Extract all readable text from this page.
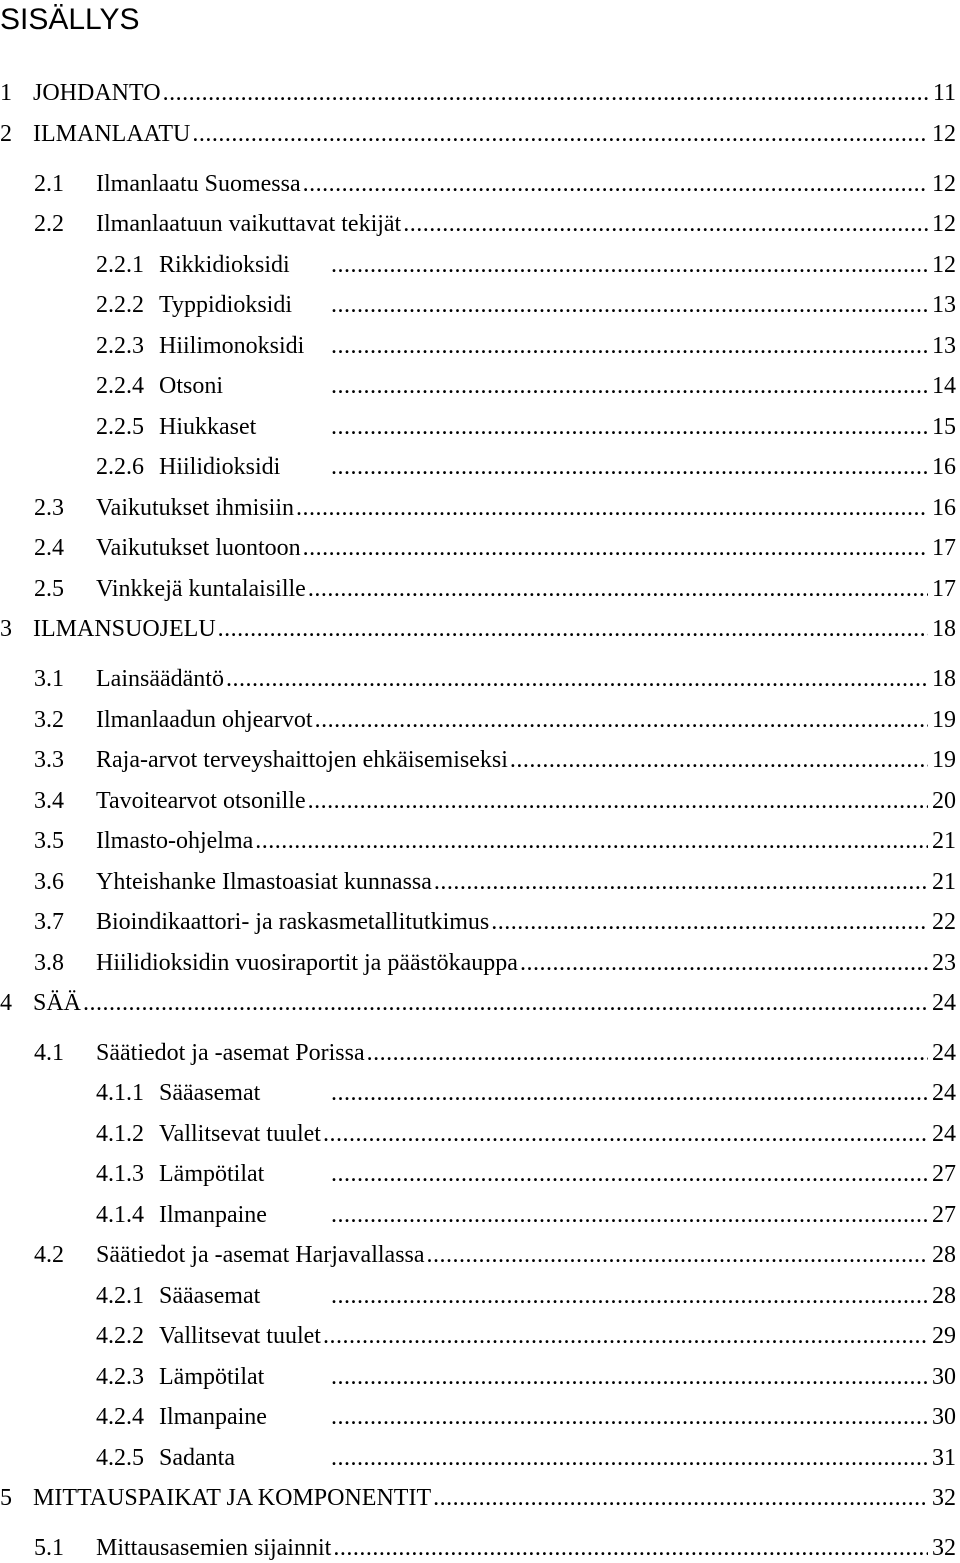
SISÄLLYS
1 JOHDANTO .....	11
2 ILMANLAATU .....	12
2.1	Ilmanlaatu Suomessa .....	12
2.2	Ilmanlaatuun vaikuttavat tekijät .....	12
2.2.1 Rikkidioksidi .....	12
2.2.2 Typpidioksidi .....	13
2.2.3 Hiilimonoksidi .....	13
2.2.4 Otsoni .....	14
2.2.5 Hiukkaset .....	15
2.2.6 Hiilidioksidi .....	16
2.3	Vaikutukset ihmisiin .....	16
2.4	Vaikutukset luontoon .....	17
2.5	Vinkkejä kuntalaisille .....	17
3 ILMANSUOJELU .....	18
3.1	Lainsäädäntö .....	18
3.2	Ilmanlaadun ohjearvot .....	19
3.3	Raja-arvot terveyshaittojen ehkäisemiseksi .....	19
3.4	Tavoitearvot otsonille .....	20
3.5	Ilmasto-ohjelma .....	21
3.6	Yhteishanke Ilmastoasiat kunnassa .....	21
3.7	Bioindikaattori- ja raskasmetallitutkimus .....	22
3.8	Hiilidioksidin vuosiraportit ja päästökauppa .....	23
4 SÄÄ .....	24
4.1	Säätiedot ja -asemat Porissa .....	24
4.1.1 Sääasemat .....	24
4.1.2 Vallitsevat tuulet .....	24
4.1.3 Lämpötilat .....	27
4.1.4 Ilmanpaine .....	27
4.2	Säätiedot ja -asemat Harjavallassa .....	28
4.2.1 Sääasemat .....	28
4.2.2 Vallitsevat tuulet .....	29
4.2.3 Lämpötilat .....	30
4.2.4 Ilmanpaine .....	30
4.2.5 Sadanta .....	31
5 MITTAUSPAIKAT JA KOMPONENTIT .....	32
5.1	Mittausasemien sijainnit .....	32
